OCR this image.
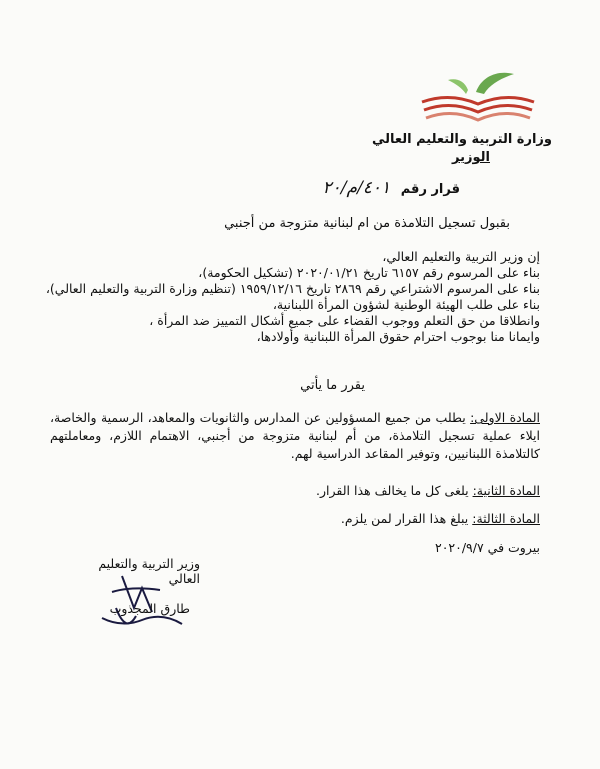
وزارة التربية والتعليم العالي
الوزير
قرار رقم ٤٠١/م/٢٠
بقبول تسجيل التلامذة من ام لبنانية متزوجة من أجنبي
إن وزير التربية والتعليم العالي،
بناء على المرسوم رقم ٦١٥٧ تاريخ ٢٠٢٠/٠١/٢١ (تشكيل الحكومة)،
بناء على المرسوم الاشتراعي رقم ٢٨٦٩ تاريخ ١٩٥٩/١٢/١٦ (تنظيم وزارة التربية والتعليم العالي)،
بناء على طلب الهيئة الوطنية لشؤون المرأة اللبنانية،
وانطلاقا من حق التعلم ووجوب القضاء على جميع أشكال التمييز ضد المرأة ،
وايمانا منا بوجوب احترام حقوق المرأة اللبنانية وأولادها،
يقرر ما يأتي
المادة الاولى: يطلب من جميع المسؤولين عن المدارس والثانويات والمعاهد، الرسمية والخاصة، ايلاء عملية تسجيل التلامذة، من أم لبنانية متزوجة من أجنبي، الاهتمام اللازم، ومعاملتهم كالتلامذة اللبنانيين، وتوفير المقاعد الدراسية لهم.
المادة الثانية: يلغى كل ما يخالف هذا القرار.
المادة الثالثة: يبلغ هذا القرار لمن يلزم.
بيروت في ٢٠٢٠/٩/٧
وزير التربية والتعليم العالي
طارق المجذوب
